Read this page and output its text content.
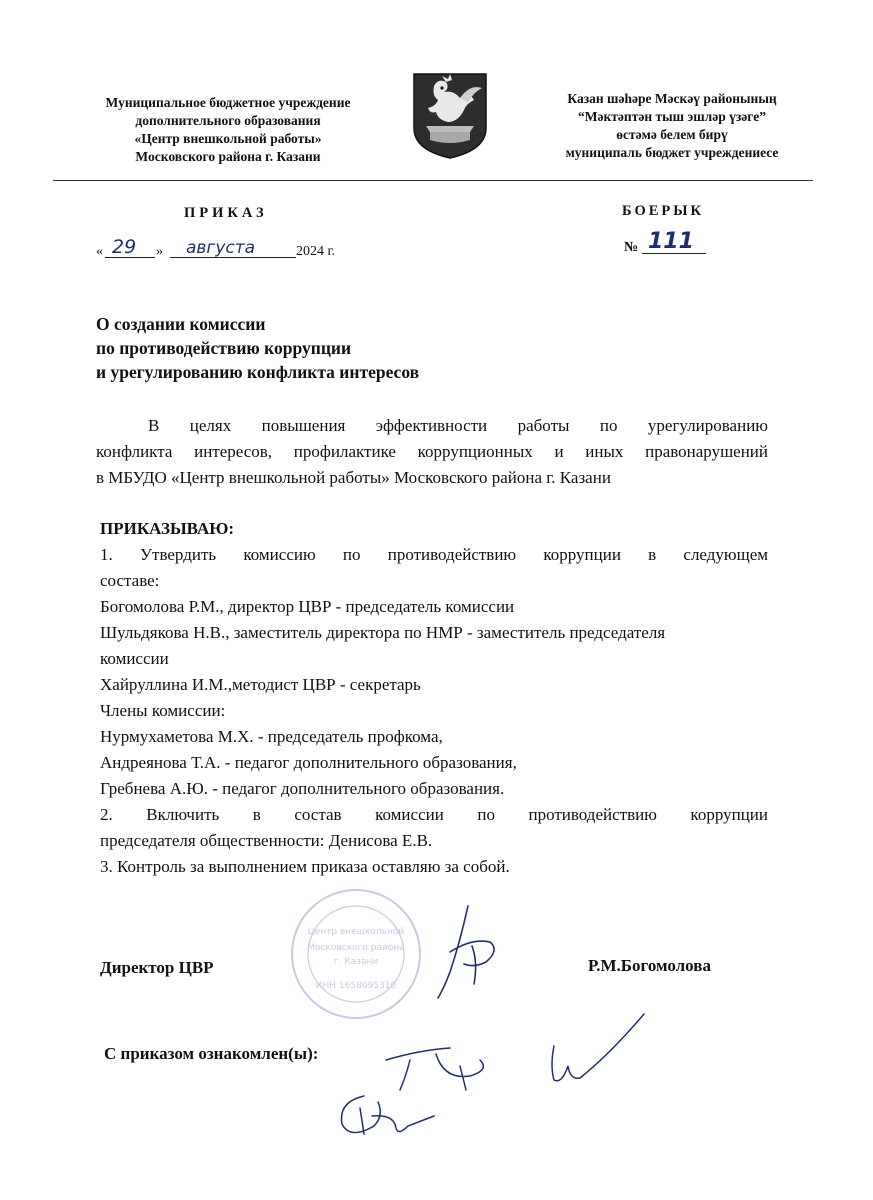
Муниципальное бюджетное учреждение
дополнительного образования
«Центр внешкольной работы»
Московского района г. Казани
Казан шәһәре Мәскәү районының
“Мәктәптән тыш эшләр үзәге”
өстәмә белем бирү
муниципаль бюджет учреждениесе
ПРИКАЗ	БОЕРЫК
« 29 » августа	2024 г.	№ 111
О создании комиссии
по противодействию коррупции
и урегулированию конфликта интересов
В целях повышения эффективности работы по урегулированию
конфликта интересов, профилактике коррупционных и иных правонарушений
в МБУДО «Центр внешкольной работы» Московского района г. Казани
ПРИКАЗЫВАЮ:
1. Утвердить комиссию по противодействию коррупции в следующем
составе:
Богомолова Р.М., директор ЦВР - председатель комиссии
Шульдякова Н.В., заместитель директора по НМР - заместитель председателя
комиссии
Хайруллина И.М.,методист ЦВР - секретарь
Члены комиссии:
Нурмухаметова М.Х. - председатель профкома,
Андреянова Т.А. - педагог дополнительного образования,
Гребнева А.Ю. - педагог дополнительного образования.
2. Включить в состав комиссии по противодействию коррупции
председателя общественности: Денисова Е.В.
3. Контроль за выполнением приказа оставляю за собой.
Центр внешкольной
Московского района
г. Казани
ИНН 1658095310
Директор ЦВР	Р.М.Богомолова
С приказом ознакомлен(ы):
